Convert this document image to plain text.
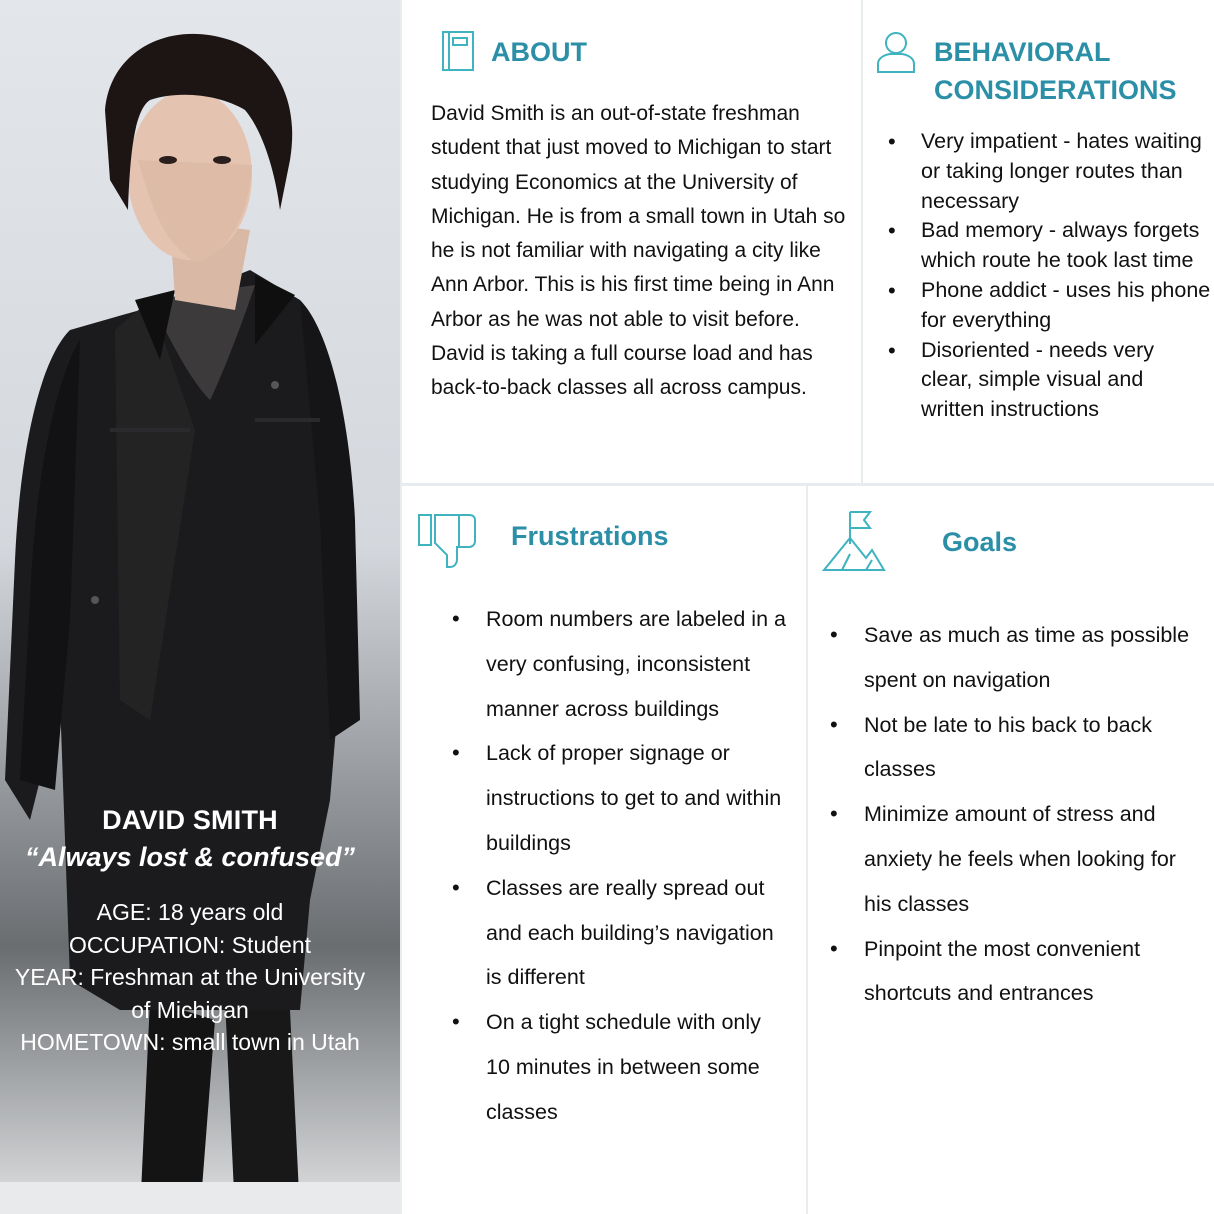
DAVID SMITH
“Always lost & confused”
AGE: 18 years old
OCCUPATION: Student
YEAR: Freshman at the University
of Michigan
HOMETOWN: small town in Utah
ABOUT
David Smith is an out-of-state freshman student that just moved to Michigan to start studying Economics at the University of Michigan. He is from a small town in Utah so he is not familiar with navigating a city like Ann Arbor. This is his first time being in Ann Arbor as he was not able to visit before. David is taking a full course load and has back-to-back classes all across campus.
BEHAVIORAL
CONSIDERATIONS
• Very impatient - hates waiting or taking longer routes than necessary
• Bad memory - always forgets which route he took last time
• Phone addict - uses his phone for everything
• Disoriented - needs very clear, simple visual and written instructions
Frustrations
• Room numbers are labeled in a very confusing, inconsistent manner across buildings
• Lack of proper signage or instructions to get to and within buildings
• Classes are really spread out and each building’s navigation is different
• On a tight schedule with only 10 minutes in between some classes
Goals
• Save as much as time as possible spent on navigation
• Not be late to his back to back classes
• Minimize amount of stress and anxiety he feels when looking for his classes
• Pinpoint the most convenient shortcuts and entrances
